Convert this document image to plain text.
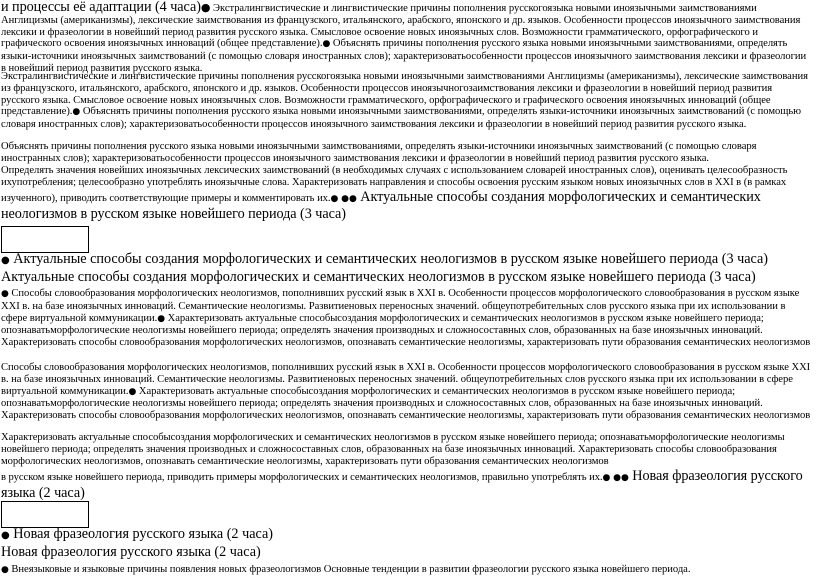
и процессы её адаптации (4 часа)● Экстралингвистические и лингвистические причины пополнения русскогоязыка новыми иноязычными заимствованиями Англицизмы (американизмы), лексические заимствования из французского, итальянского, арабского, японского и др. языков. Особенности процессов иноязычного заимствования лексики и фразеологии в новейший период развития русского языка. Смысловое освоение новых иноязычных слов. Возможности грамматического, орфографического и графического освоения иноязычных инноваций (общее представление).● Объяснять причины пополнения русского языка новыми иноязычными заимствованиями, определять языки-источники иноязычных заимствований (с помощью словаря иностранных слов); характеризоватьособенности процессов иноязычного заимствования лексики и фразеологии в новейший период развития русского языка.
Экстралингвистические и лингвистические причины пополнения русскогоязыка новыми иноязычными заимствованиями Англицизмы (американизмы), лексические заимствования из французского, итальянского, арабского, японского и др. языков. Особенности процессов иноязычногозаимствования лексики и фразеологии в новейший период развития русского языка. Смысловое освоение новых иноязычных слов. Возможности грамматического, орфографического и графического освоения иноязычных инноваций (общее представление).● Объяснять причины пополнения русского языка новыми иноязычными заимствованиями, определять языки-источники иноязычных заимствований (с помощью словаря иностранных слов); характеризоватьособенности процессов иноязычного заимствования лексики и фразеологии в новейший период развития русского языка.
Объяснять причины пополнения русского языка новыми иноязычными заимствованиями, определять языки-источники иноязычных заимствований (с помощью словаря иностранных слов); характеризоватьособенности процессов иноязычного заимствования лексики и фразеологии в новейший период развития русского языка.
Определять значения новейших иноязычных лексических заимствований (в необходимых случаях с использованием словарей иностранных слов), оценивать целесообразность ихупотребления; целесообразно употреблять иноязычные слова. Характеризовать направления и способы освоения русским языком новых иноязычных слов в XXI в (в рамках изученного), приводить соответствующие примеры и комментировать их.● ●● Актуальные способы создания морфологических и семантических неологизмов в русском языке новейшего периода (3 часа)
● Актуальные способы создания морфологических и семантических неологизмов в русском языке новейшего периода (3 часа)
Актуальные способы создания морфологических и семантических неологизмов в русском языке новейшего периода (3 часа)
● Способы словообразования морфологических неологизмов, пополнивших русский язык в XXI в. Особенности процессов морфологического словообразования в русском языке XXI в. на базе иноязычных инноваций. Семантические неологизмы. Развитиеновых переносных значений. общеупотребительных слов русского языка при их использовании в сфере виртуальной коммуникации.● Характеризовать актуальные способысоздания морфологических и семантических неологизмов в русском языке новейшего периода; опознаватьморфологические неологизмы новейшего периода; определять значения производных и сложносоставных слов, образованных на базе иноязычных инноваций. Характеризовать способы словообразования морфологических неологизмов, опознавать семантические неологизмы, характеризовать пути образования семантических неологизмов
Способы словообразования морфологических неологизмов, пополнивших русский язык в XXI в. Особенности процессов морфологического словообразования в русском языке XXI в. на базе иноязычных инноваций. Семантические неологизмы. Развитиеновых переносных значений. общеупотребительных слов русского языка при их использовании в сфере виртуальной коммуникации.● Характеризовать актуальные способысоздания морфологических и семантических неологизмов в русском языке новейшего периода; опознаватьморфологические неологизмы новейшего периода; определять значения производных и сложносоставных слов, образованных на базе иноязычных инноваций. Характеризовать способы словообразования морфологических неологизмов, опознавать семантические неологизмы, характеризовать пути образования семантических неологизмов
Характеризовать актуальные способысоздания морфологических и семантических неологизмов в русском языке новейшего периода; опознаватьморфологические неологизмы новейшего периода; определять значения производных и сложносоставных слов, образованных на базе иноязычных инноваций. Характеризовать способы словообразования морфологических неологизмов, опознавать семантические неологизмы, характеризовать пути образования семантических неологизмов
в русском языке новейшего периода, приводить примеры морфологических и семантических неологизмов, правильно употреблять их.● ●● Новая фразеология русского языка (2 часа)
● Новая фразеология русского языка (2 часа)
Новая фразеология русского языка (2 часа)
● Внеязыковые и языковые причины появления новых фразеологизмов Основные тенденции в развитии фразеологии русского языка новейшего периода.
